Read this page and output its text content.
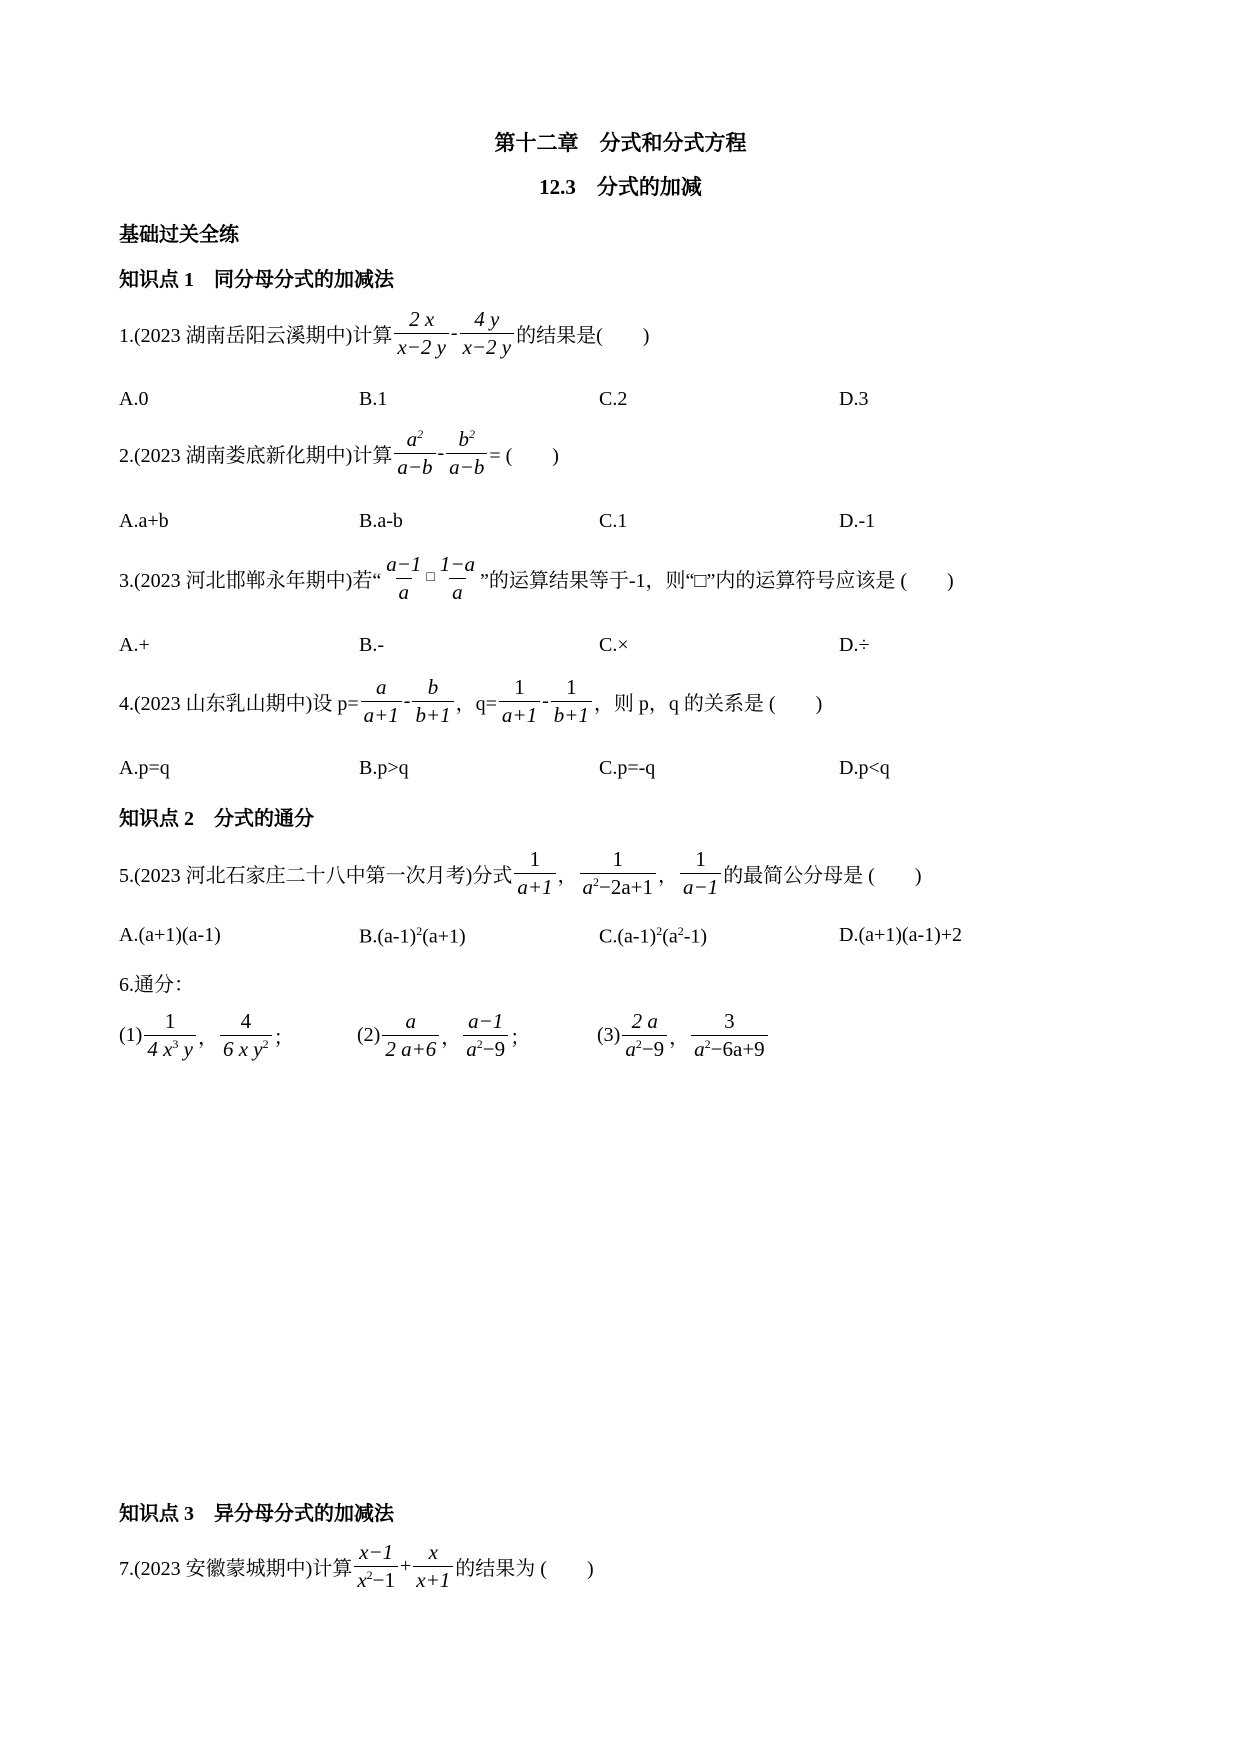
第十二章　分式和分式方程
12.3　分式的加减
基础过关全练
知识点 1　同分母分式的加减法
1.(2023 湖南岳阳云溪期中)计算 $\frac{2 x}{x-2 y} - \frac{4 y}{x-2 y}$ 的结果是(　　)
A.0	B.1	C.2	D.3
2.(2023 湖南娄底新化期中)计算 $\frac{a^2}{a-b} - \frac{b^2}{a-b}$ = (　　)
A.a+b	B.a-b	C.1	D.-1
3.(2023 河北邯郸永年期中)若“ $\frac{a-1}{a}$ □ $\frac{1-a}{a}$ ”的运算结果等于-1，则“□”内的运算符号应该是 (　　)
A.+	B.-	C.×	D.÷
4.(2023 山东乳山期中)设 $p= \frac{a}{a+1} - \frac{b}{b+1}$ ，$q= \frac{1}{a+1} - \frac{1}{b+1}$ ，则 p，q 的关系是 (　　)
A.p=q	B.p>q	C.p=-q	D.p<q
知识点 2　分式的通分
5.(2023 河北石家庄二十八中第一次月考)分式 $\frac{1}{a+1}$ ， $\frac{1}{a^2-2a+1}$ ， $\frac{1}{a-1}$ 的最简公分母是 (　　)
A.(a+1)(a-1)	$B.(a-1)^2(a+1)$	$C.(a-1)^2(a^2-1)$	D.(a+1)(a-1)+2
6.通分：
$(1) \frac{1}{4 x^3 y}$ ， $\frac{4}{6 x y^2}$ ；	$(2) \frac{a}{2 a+6}$ ， $\frac{a-1}{a^2-9}$ ；	$(3) \frac{2 a}{a^2-9}$ ， $\frac{3}{a^2-6a+9}$
知识点 3　异分母分式的加减法
7.(2023 安徽蒙城期中)计算 $\frac{x-1}{x^2-1} + \frac{x}{x+1}$ 的结果为 (　　)
